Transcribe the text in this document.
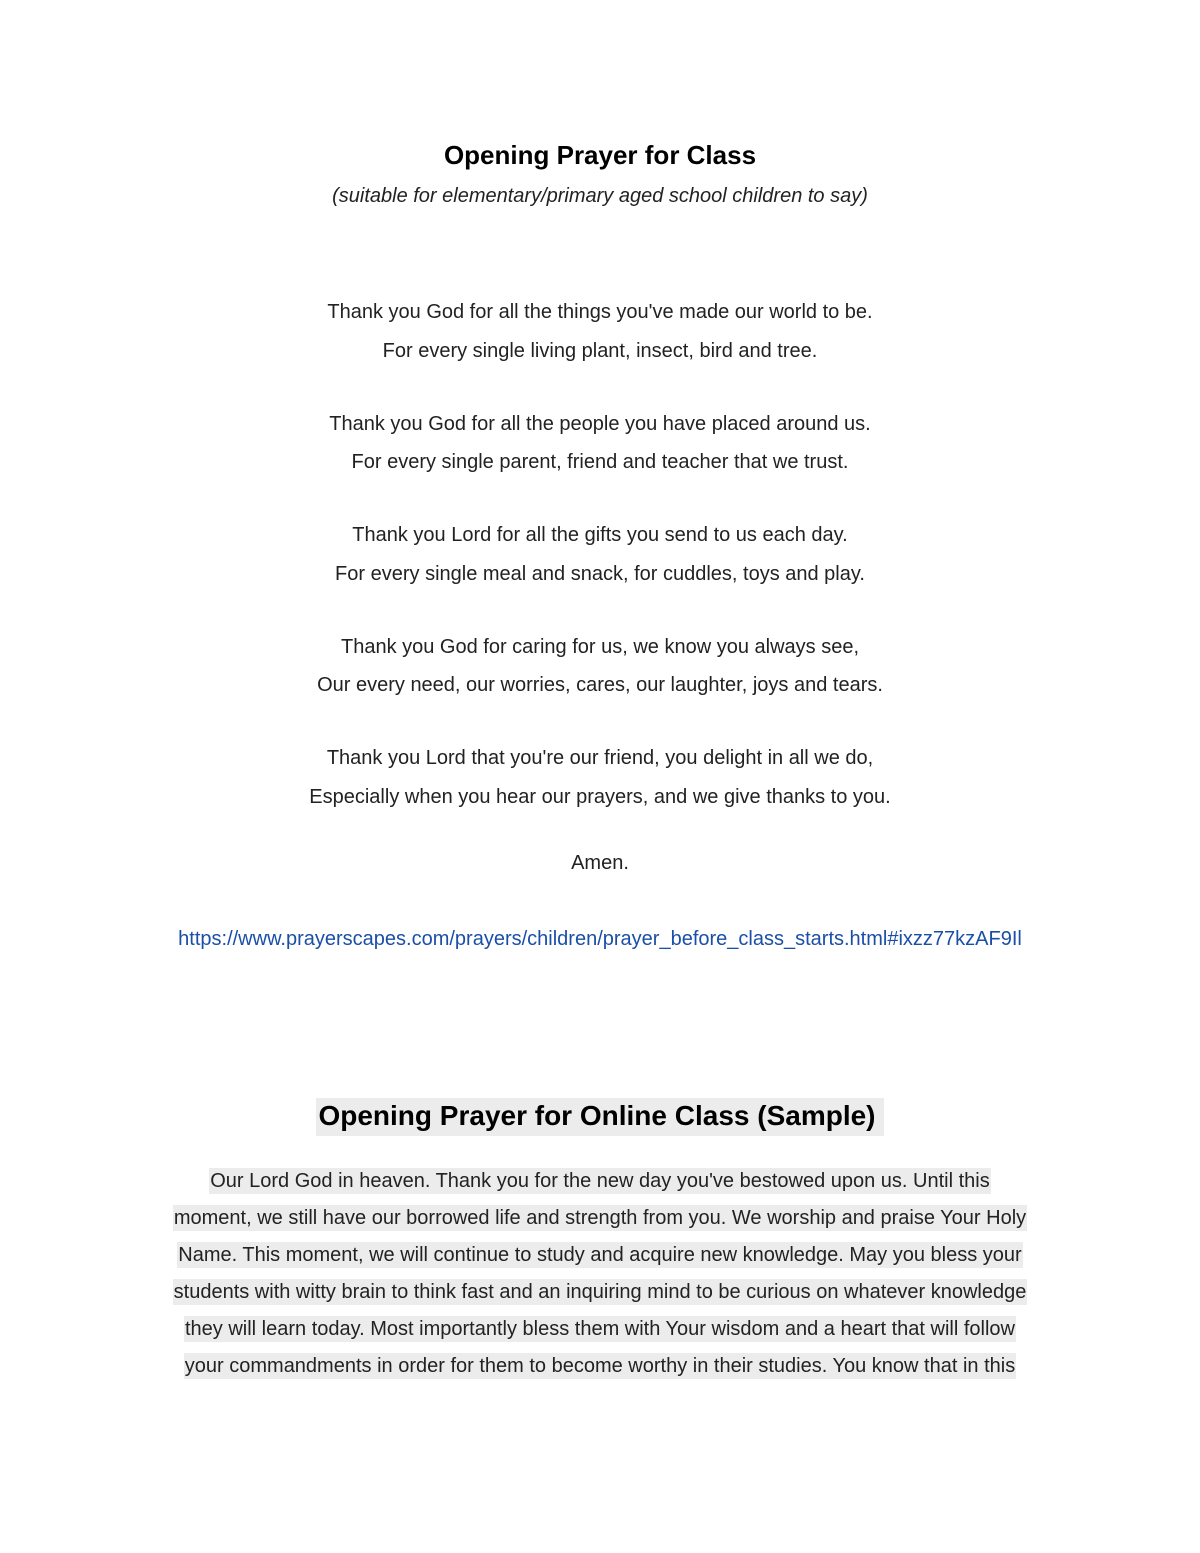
Opening Prayer for Class
(suitable for elementary/primary aged school children to say)
Thank you God for all the things you've made our world to be.
For every single living plant, insect, bird and tree.
Thank you God for all the people you have placed around us.
For every single parent, friend and teacher that we trust.
Thank you Lord for all the gifts you send to us each day.
For every single meal and snack, for cuddles, toys and play.
Thank you God for caring for us, we know you always see,
Our every need, our worries, cares, our laughter, joys and tears.
Thank you Lord that you're our friend, you delight in all we do,
Especially when you hear our prayers, and we give thanks to you.
Amen.
https://www.prayerscapes.com/prayers/children/prayer_before_class_starts.html#ixzz77kzAF9Il
Opening Prayer for Online Class (Sample)
Our Lord God in heaven. Thank you for the new day you've bestowed upon us. Until this
moment, we still have our borrowed life and strength from you. We worship and praise Your Holy
Name. This moment, we will continue to study and acquire new knowledge. May you bless your
students with witty brain to think fast and an inquiring mind to be curious on whatever knowledge
they will learn today. Most importantly bless them with Your wisdom and a heart that will follow
your commandments in order for them to become worthy in their studies. You know that in this
